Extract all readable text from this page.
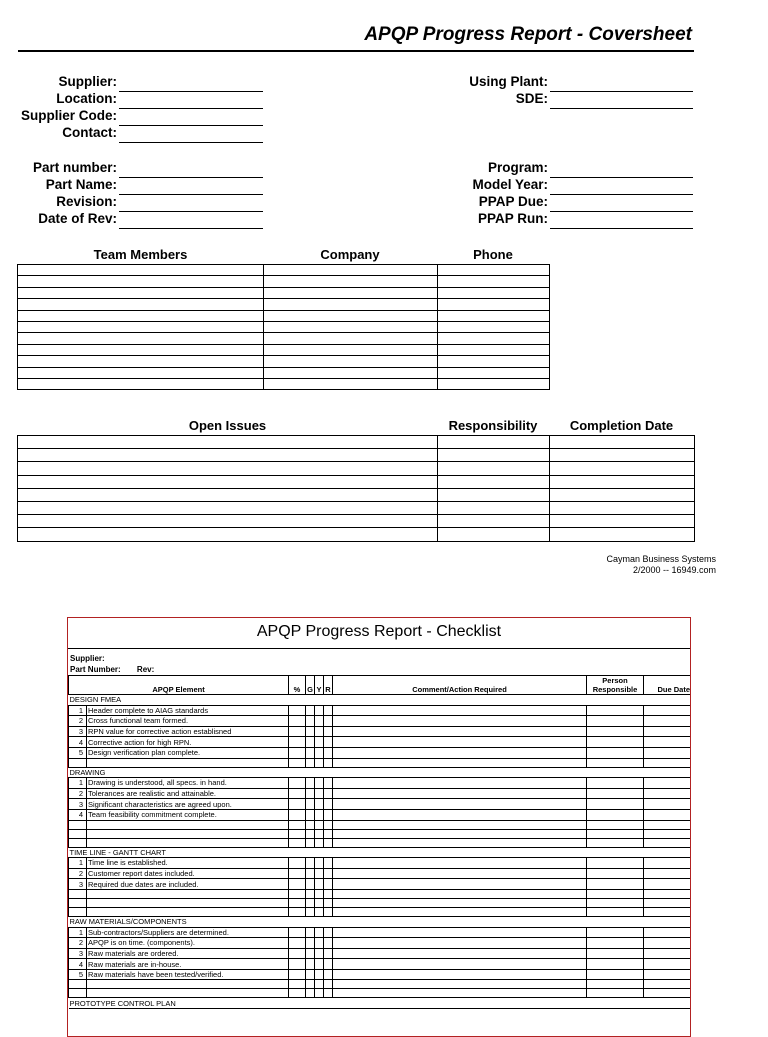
APQP Progress Report - Coversheet
Supplier:
Location:
Supplier Code:
Contact:
Using Plant:
SDE:
Part number:
Part Name:
Revision:
Date of Rev:
Program:
Model Year:
PPAP Due:
PPAP Run:
Team Members	Company	Phone

Open Issues	Responsibility	Completion Date

Cayman Business Systems
2/2000 -- 16949.com
APQP Progress Report - Checklist
Supplier:
Part Number: Rev:
APQP Element		%	G	Y	R	Comment/Action Required	Person Responsible	Due Date
DESIGN FMEA								
1	Header complete to AIAG standards							
2	Cross functional team formed.							
3	RPN value for corrective action establisned							
4	Corrective action for high RPN.							
5	Design verification plan complete.							

DRAWING								
1	Drawing is understood, all specs. in hand.							
2	Tolerances are realistic and attainable.							
3	Significant characteristics are agreed upon.							
4	Team feasibility commitment complete.							

TIME LINE - GANTT CHART								
1	Time line is established.							
2	Customer report dates included.							
3	Required due dates are included.							

RAW MATERIALS/COMPONENTS								
1	Sub-contractors/Suppliers are determined.							
2	APQP is on time. (components).							
3	Raw materials are ordered.							
4	Raw materials are in-house.							
5	Raw materials have been tested/verified.							

PROTOTYPE CONTROL PLAN								
